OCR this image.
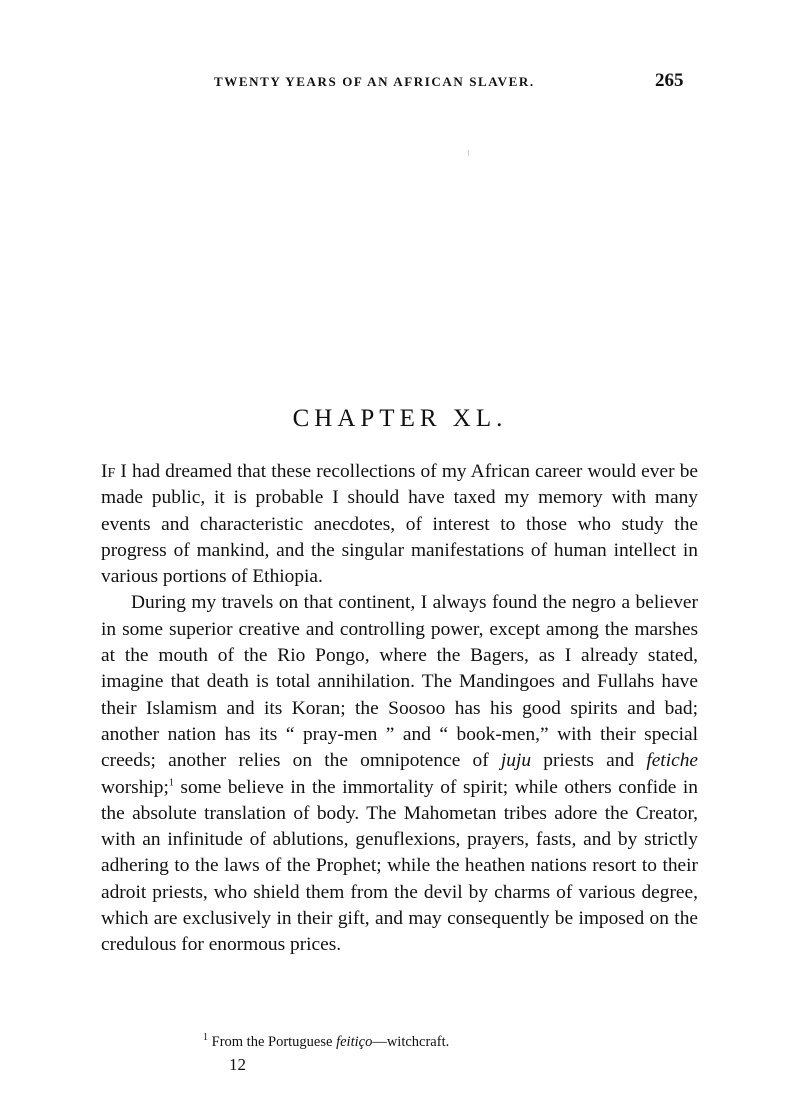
TWENTY YEARS OF AN AFRICAN SLAVER.	265
CHAPTER XL.

If I had dreamed that these recollections of my African career would ever be made public, it is probable I should have taxed my memory with many events and characteristic anecdotes, of interest to those who study the progress of mankind, and the singular manifestations of human intellect in various portions of Ethiopia.

During my travels on that continent, I always found the negro a believer in some superior creative and controlling power, except among the marshes at the mouth of the Rio Pongo, where the Bagers, as I already stated, imagine that death is total annihilation. The Mandingoes and Fullahs have their Islamism and its Koran; the Soosoo has his good spirits and bad; another nation has its “ pray-men ” and “ book-men,” with their special creeds; another relies on the omnipotence of juju priests and fetiche worship;$^1$ some believe in the immortality of spirit; while others confide in the absolute translation of body. The Mahometan tribes adore the Creator, with an infinitude of ablutions, genuflexions, prayers, fasts, and by strictly adhering to the laws of the Prophet; while the heathen nations resort to their adroit priests, who shield them from the devil by charms of various degree, which are exclusively in their gift, and may consequently be imposed on the credulous for enormous prices.

$^1$ From the Portuguese feitiço—witchcraft.
12
